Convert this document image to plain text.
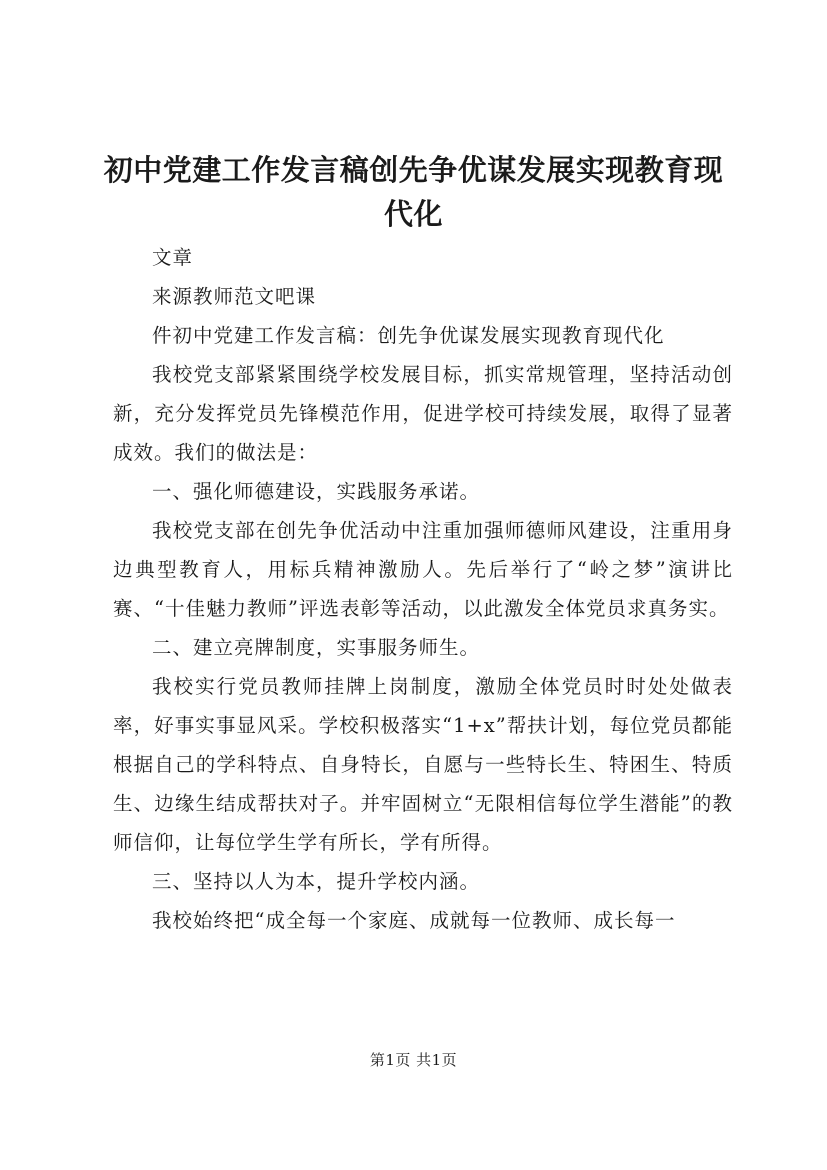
初中党建工作发言稿创先争优谋发展实现教育现代化

文章

来源教师范文吧课

件初中党建工作发言稿：创先争优谋发展实现教育现代化

我校党支部紧紧围绕学校发展目标，抓实常规管理，坚持活动创新，充分发挥党员先锋模范作用，促进学校可持续发展，取得了显著成效。我们的做法是：

一、强化师德建设，实践服务承诺。

我校党支部在创先争优活动中注重加强师德师风建设，注重用身边典型教育人，用标兵精神激励人。先后举行了“岭之梦”演讲比赛、“十佳魅力教师”评选表彰等活动，以此激发全体党员求真务实。

二、建立亮牌制度，实事服务师生。

我校实行党员教师挂牌上岗制度，激励全体党员时时处处做表率，好事实事显风采。学校积极落实“1+x”帮扶计划，每位党员都能根据自己的学科特点、自身特长，自愿与一些特长生、特困生、特质生、边缘生结成帮扶对子。并牢固树立“无限相信每位学生潜能”的教师信仰，让每位学生学有所长，学有所得。

三、坚持以人为本，提升学校内涵。

我校始终把“成全每一个家庭、成就每一位教师、成长每一

第1页 共1页
